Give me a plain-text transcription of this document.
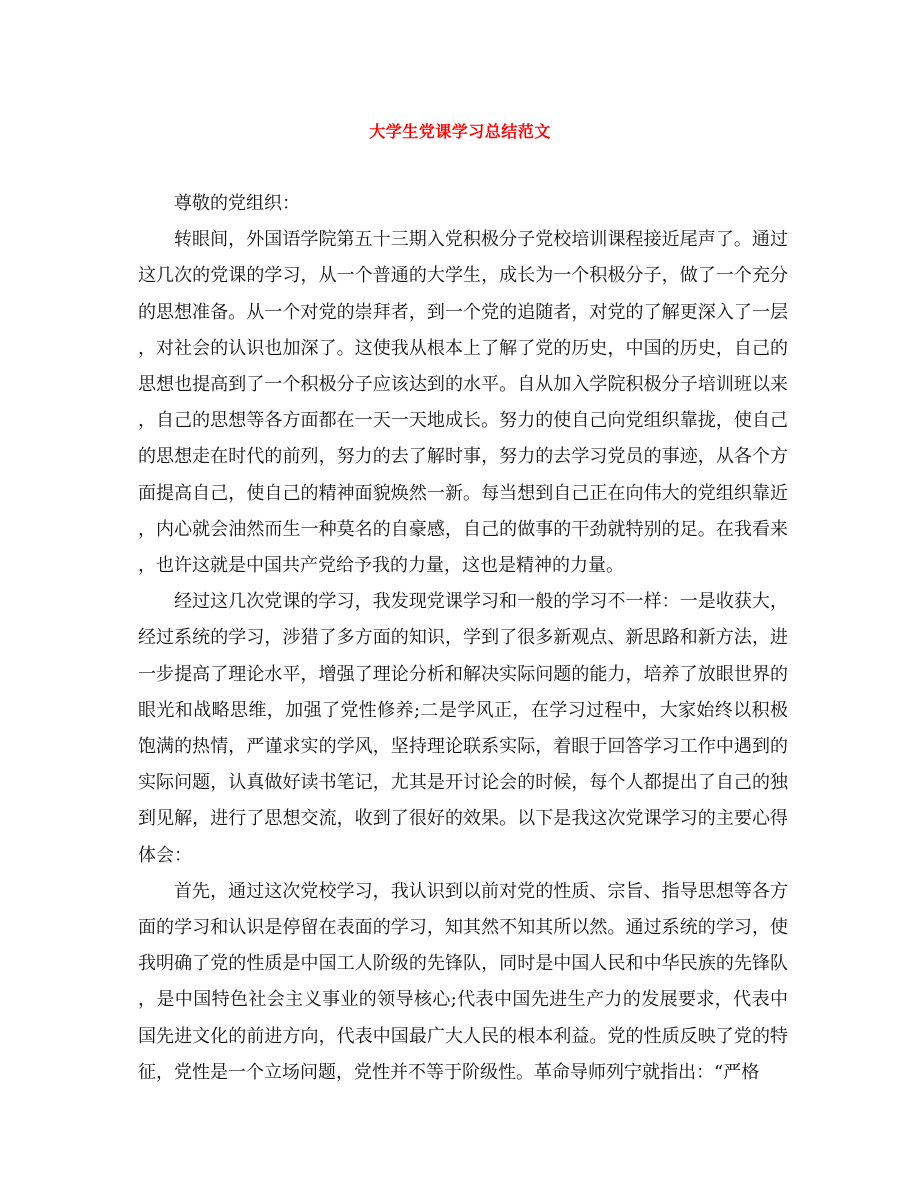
大学生党课学习总结范文

尊敬的党组织：

转眼间，外国语学院第五十三期入党积极分子党校培训课程接近尾声了。通过这几次的党课的学习，从一个普通的大学生，成长为一个积极分子，做了一个充分的思想准备。从一个对党的崇拜者，到一个党的追随者，对党的了解更深入了一层，对社会的认识也加深了。这使我从根本上了解了党的历史，中国的历史，自己的思想也提高到了一个积极分子应该达到的水平。自从加入学院积极分子培训班以来，自己的思想等各方面都在一天一天地成长。努力的使自己向党组织靠拢，使自己的思想走在时代的前列，努力的去了解时事，努力的去学习党员的事迹，从各个方面提高自己，使自己的精神面貌焕然一新。每当想到自己正在向伟大的党组织靠近，内心就会油然而生一种莫名的自豪感，自己的做事的干劲就特别的足。在我看来，也许这就是中国共产党给予我的力量，这也是精神的力量。

经过这几次党课的学习，我发现党课学习和一般的学习不一样：一是收获大，经过系统的学习，涉猎了多方面的知识，学到了很多新观点、新思路和新方法，进一步提高了理论水平，增强了理论分析和解决实际问题的能力，培养了放眼世界的眼光和战略思维，加强了党性修养;二是学风正，在学习过程中，大家始终以积极饱满的热情，严谨求实的学风，坚持理论联系实际，着眼于回答学习工作中遇到的实际问题，认真做好读书笔记，尤其是开讨论会的时候，每个人都提出了自己的独到见解，进行了思想交流，收到了很好的效果。以下是我这次党课学习的主要心得体会：

首先，通过这次党校学习，我认识到以前对党的性质、宗旨、指导思想等各方面的学习和认识是停留在表面的学习，知其然不知其所以然。通过系统的学习，使我明确了党的性质是中国工人阶级的先锋队，同时是中国人民和中华民族的先锋队，是中国特色社会主义事业的领导核心;代表中国先进生产力的发展要求，代表中国先进文化的前进方向，代表中国最广大人民的根本利益。党的性质反映了党的特征，党性是一个立场问题，党性并不等于阶级性。革命导师列宁就指出：“严格
